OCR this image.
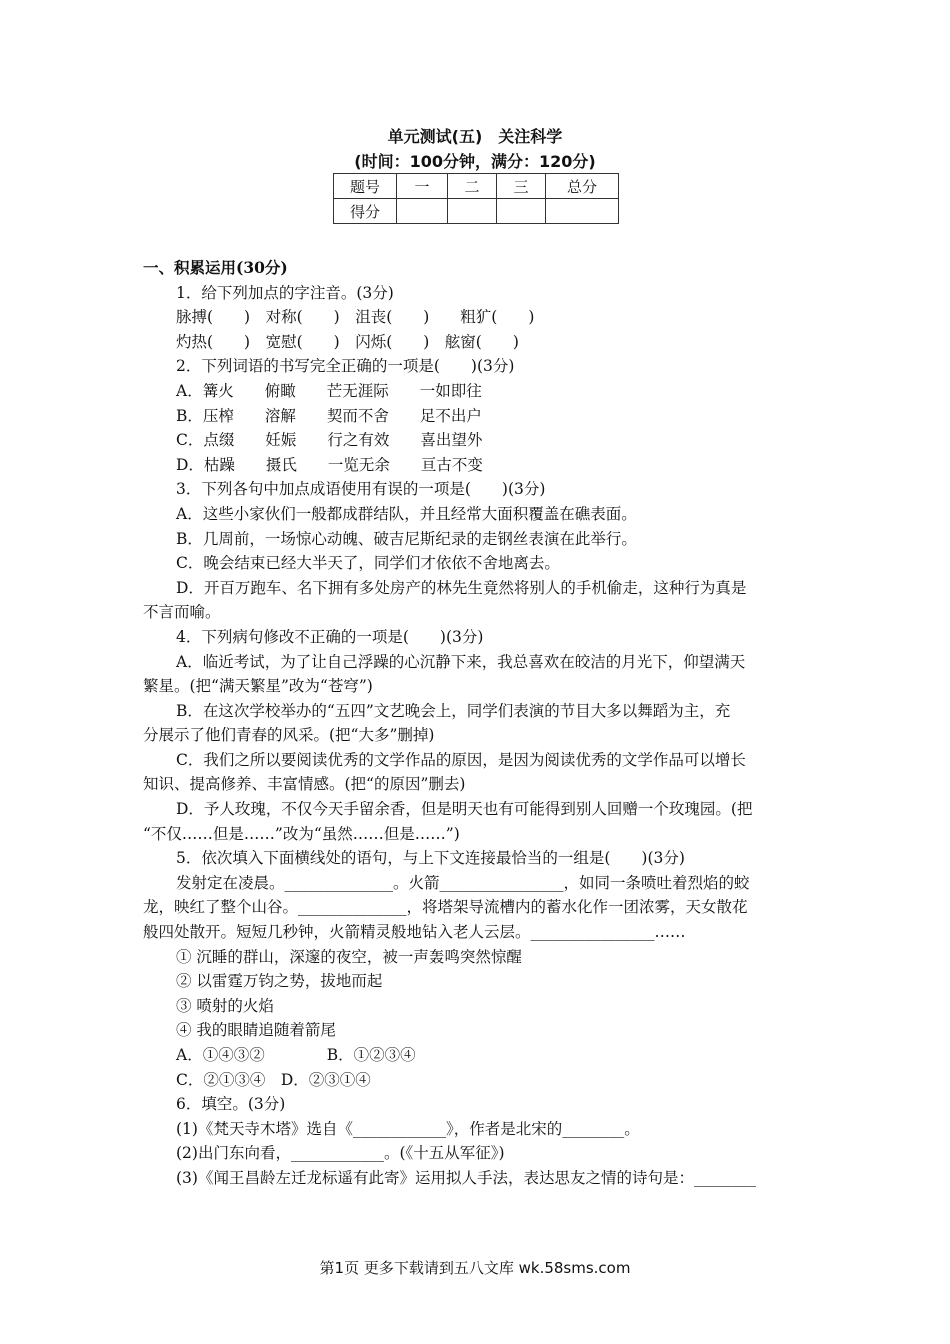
单元测试(五)　关注科学
(时间：100分钟，满分：120分)
题号	一	二	三	总分
得分				
一、积累运用(30分)
1．给下列加点的字注音。(3分)
脉搏(　　)　对称(　　)　沮丧(　　)　　粗犷(　　)
灼热(　　)　宽慰(　　)　闪烁(　　)　舷窗(　　)
2．下列词语的书写完全正确的一项是(　　)(3分)
A．篝火　　俯瞰　　芒无涯际　　一如即往
B．压榨　　溶解　　契而不舍　　足不出户
C．点缀　　妊娠　　行之有效　　喜出望外
D．枯躁　　摄氏　　一览无余　　亘古不变
3．下列各句中加点成语使用有误的一项是(　　)(3分)
A．这些小家伙们一般都成群结队，并且经常大面积覆盖在礁表面。
B．几周前，一场惊心动魄、破吉尼斯纪录的走钢丝表演在此举行。
C．晚会结束已经大半天了，同学们才依依不舍地离去。
D．开百万跑车、名下拥有多处房产的林先生竟然将别人的手机偷走，这种行为真是
不言而喻。
4．下列病句修改不正确的一项是(　　)(3分)
A．临近考试，为了让自己浮躁的心沉静下来，我总喜欢在皎洁的月光下，仰望满天
繁星。(把“满天繁星”改为“苍穹”)
B．在这次学校举办的“五四”文艺晚会上，同学们表演的节目大多以舞蹈为主，充
分展示了他们青春的风采。(把“大多”删掉)
C．我们之所以要阅读优秀的文学作品的原因，是因为阅读优秀的文学作品可以增长
知识、提高修养、丰富情感。(把“的原因”删去)
D．予人玫瑰，不仅今天手留余香，但是明天也有可能得到别人回赠一个玫瑰园。(把
“不仅……但是……”改为“虽然……但是……”)
5．依次填入下面横线处的语句，与上下文连接最恰当的一组是(　　)(3分)
发射定在凌晨。______________。火箭________________，如同一条喷吐着烈焰的蛟
龙，映红了整个山谷。______________，将塔架导流槽内的蓄水化作一团浓雾，天女散花
般四处散开。短短几秒钟，火箭精灵般地钻入老人云层。________________……
① 沉睡的群山，深邃的夜空，被一声轰鸣突然惊醒
② 以雷霆万钧之势，拔地而起
③ 喷射的火焰
④ 我的眼睛追随着箭尾
A．①④③②　　　　B．①②③④
C．②①③④　D．②③①④
6．填空。(3分)
(1)《梵天寺木塔》选自《____________》，作者是北宋的________。
(2)出门东向看，____________。(《十五从军征》)
(3)《闻王昌龄左迁龙标遥有此寄》运用拟人手法，表达思友之情的诗句是：________
第1页 更多下载请到五八文库 wk.58sms.com
